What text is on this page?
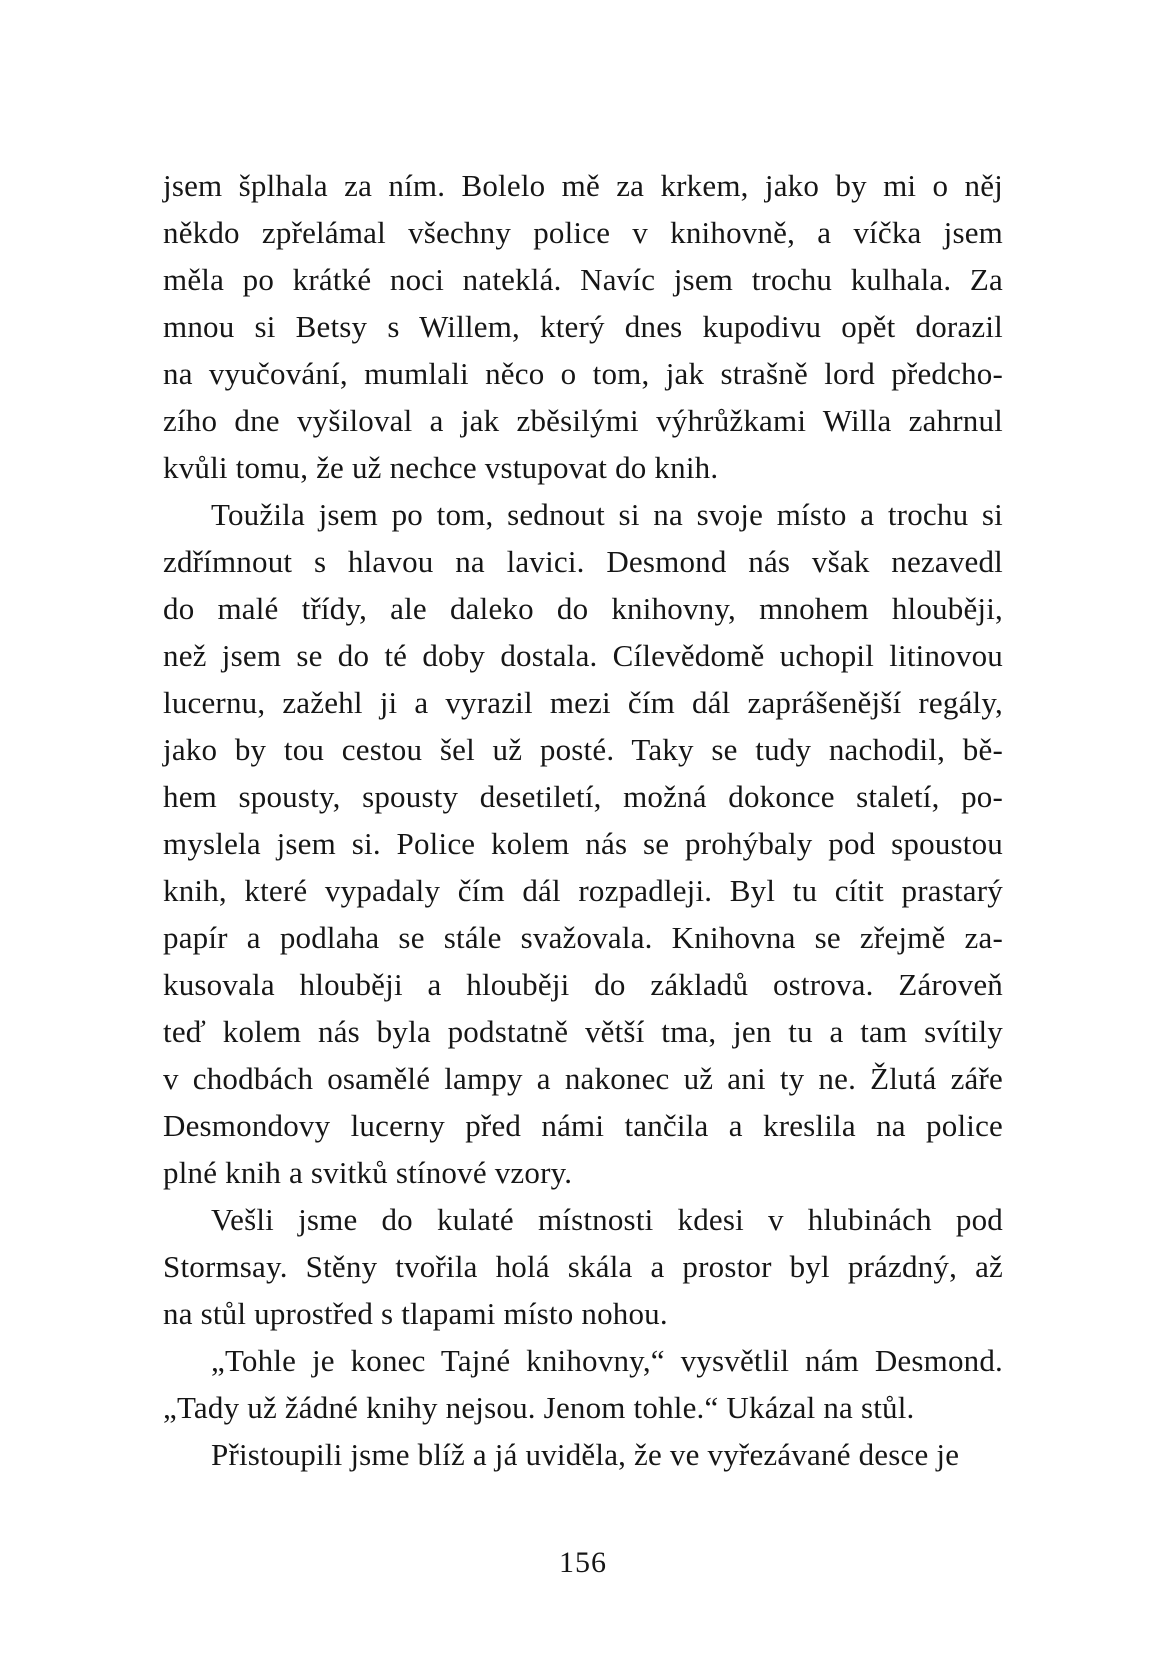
jsem šplhala za ním. Bolelo mě za krkem, jako by mi o něj
někdo zpřelámal všechny police v knihovně, a víčka jsem
měla po krátké noci nateklá. Navíc jsem trochu kulhala. Za
mnou si Betsy s Willem, který dnes kupodivu opět dorazil
na vyučování, mumlali něco o tom, jak strašně lord předcho-
zího dne vyšiloval a jak zběsilými výhrůžkami Willa zahrnul
kvůli tomu, že už nechce vstupovat do knih.
Toužila jsem po tom, sednout si na svoje místo a trochu si
zdřímnout s hlavou na lavici. Desmond nás však nezavedl
do malé třídy, ale daleko do knihovny, mnohem hlouběji,
než jsem se do té doby dostala. Cílevědomě uchopil litinovou
lucernu, zažehl ji a vyrazil mezi čím dál zaprášenější regály,
jako by tou cestou šel už posté. Taky se tudy nachodil, bě-
hem spousty, spousty desetiletí, možná dokonce staletí, po-
myslela jsem si. Police kolem nás se prohýbaly pod spoustou
knih, které vypadaly čím dál rozpadleji. Byl tu cítit prastarý
papír a podlaha se stále svažovala. Knihovna se zřejmě za-
kusovala hlouběji a hlouběji do základů ostrova. Zároveň
teď kolem nás byla podstatně větší tma, jen tu a tam svítily
v chodbách osamělé lampy a nakonec už ani ty ne. Žlutá záře
Desmondovy lucerny před námi tančila a kreslila na police
plné knih a svitků stínové vzory.
Vešli jsme do kulaté místnosti kdesi v hlubinách pod
Stormsay. Stěny tvořila holá skála a prostor byl prázdný, až
na stůl uprostřed s tlapami místo nohou.
„Tohle je konec Tajné knihovny,“ vysvětlil nám Desmond.
„Tady už žádné knihy nejsou. Jenom tohle.“ Ukázal na stůl.
Přistoupili jsme blíž a já uviděla, že ve vyřezávané desce je
156
